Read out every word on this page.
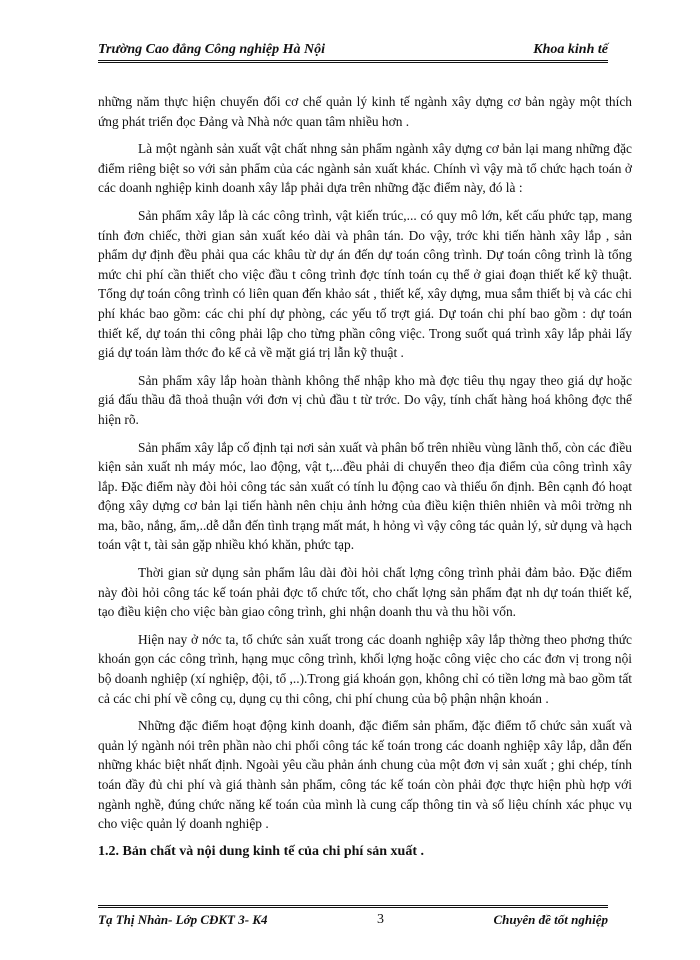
Trường Cao đẳng Công nghiệp Hà Nội	Khoa kinh tế

những năm thực hiện chuyển đổi cơ chế quản lý kinh tế ngành xây dựng cơ bản ngày một thích ứng phát triển đọc Đảng và Nhà nớc quan tâm nhiều hơn .

Là một ngành sản xuất vật chất nhng sản phẩm ngành xây dựng cơ bản lại mang những đặc điểm riêng biệt so với sản phẩm của các ngành sản xuất khác. Chính vì vậy mà tổ chức hạch toán ở các doanh nghiệp kinh doanh xây lắp phải dựa trên những đặc điểm này, đó là :

Sản phẩm xây lắp là các công trình, vật kiến trúc,... có quy mô lớn, kết cấu phức tạp, mang tính đơn chiếc, thời gian sản xuất kéo dài và phân tán. Do vậy, trớc khi tiến hành xây lắp , sản phẩm dự định đều phải qua các khâu từ dự án đến dự toán công trình. Dự toán công trình là tổng mức chi phí cần thiết cho việc đầu t công trình đợc tính toán cụ thể ở giai đoạn thiết kế kỹ thuật. Tổng dự toán công trình có liên quan đến khảo sát , thiết kế, xây dựng, mua sắm thiết bị và các chi phí khác bao gồm: các chi phí dự phòng, các yếu tố trợt giá. Dự toán chi phí bao gồm : dự toán thiết kế, dự toán thi công phải lập cho từng phần công việc. Trong suốt quá trình xây lắp phải lấy giá dự toán làm thớc đo kể cả về mặt giá trị lẫn kỹ thuật .

Sản phẩm xây lắp hoàn thành không thể nhập kho mà đợc tiêu thụ ngay theo giá dự hoặc giá đấu thầu đã thoả thuận với đơn vị chủ đầu t từ trớc. Do vậy, tính chất hàng hoá không đợc thể hiện rõ.

Sản phẩm xây lắp cố định tại nơi sản xuất và phân bố trên nhiều vùng lãnh thổ, còn các điều kiện sản xuất nh máy móc, lao động, vật t,...đều phải di chuyển theo địa điểm của công trình xây lắp. Đặc điểm này đòi hỏi công tác sản xuất có tính lu động cao và thiếu ổn định. Bên cạnh đó hoạt động xây dựng cơ bản lại tiến hành nên chịu ảnh hởng của điều kiện thiên nhiên và môi trờng nh ma, bão, nắng, ẩm,..dễ dẫn đến tình trạng mất mát, h hỏng vì vậy công tác quản lý, sử dụng và hạch toán vật t, tài sản gặp nhiều khó khăn, phức tạp.

Thời gian sử dụng sản phẩm lâu dài đòi hỏi chất lợng công trình phải đảm bảo. Đặc điểm này đòi hỏi công tác kế toán phải đợc tổ chức tốt, cho chất lợng sản phẩm đạt nh dự toán thiết kế, tạo điều kiện cho việc bàn giao công trình, ghi nhận doanh thu và thu hồi vốn.

Hiện nay ở nớc ta, tổ chức sản xuất trong các doanh nghiệp xây lắp thờng theo phơng thức khoán gọn các công trình, hạng mục công trình, khối lợng hoặc công việc cho các đơn vị trong nội bộ doanh nghiệp (xí nghiệp, đội, tổ ,..).Trong giá khoán gọn, không chỉ có tiền lơng mà bao gồm tất cả các chi phí về công cụ, dụng cụ thi công, chi phí chung của bộ phận nhận khoán .

Những đặc điểm hoạt động kinh doanh, đặc điểm sản phẩm, đặc điểm tổ chức sản xuất và quản lý ngành nói trên phần nào chi phối công tác kế toán trong các doanh nghiệp xây lắp, dẫn đến những khác biệt nhất định. Ngoài yêu cầu phản ánh chung của một đơn vị sản xuất ; ghi chép, tính toán đầy đủ chi phí và giá thành sản phẩm, công tác kế toán còn phải đợc thực hiện phù hợp với ngành nghề, đúng chức năng kế toán của mình là cung cấp thông tin và số liệu chính xác phục vụ cho việc quản lý doanh nghiệp .

1.2. Bản chất và nội dung kinh tế của chi phí sản xuất .
Tạ Thị Nhàn- Lớp CĐKT 3- K4	3	Chuyên đề tốt nghiệp
